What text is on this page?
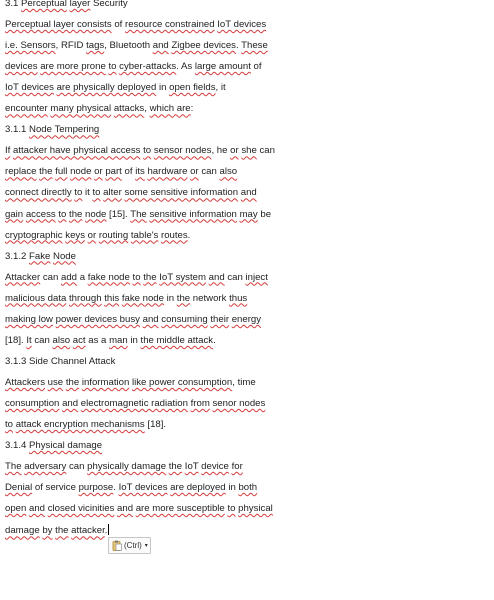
3.1 Perceptual layer Security
Perceptual layer consists of resource constrained IoT devices
i.e. Sensors, RFID tags, Bluetooth and Zigbee devices. These
devices are more prone to cyber-attacks. As large amount of
IoT devices are physically deployed in open fields, it
encounter many physical attacks, which are:
3.1.1 Node Tempering
If attacker have physical access to sensor nodes, he or she can
replace the full node or part of its hardware or can also
connect directly to it to alter some sensitive information and
gain access to the node [15]. The sensitive information may be
cryptographic keys or routing table's routes.
3.1.2 Fake Node
Attacker can add a fake node to the IoT system and can inject
malicious data through this fake node in the network thus
making low power devices busy and consuming their energy
[18]. It can also act as a man in the middle attack.
3.1.3 Side Channel Attack
Attackers use the information like power consumption, time
consumption and electromagnetic radiation from senor nodes
to attack encryption mechanisms [18].
3.1.4 Physical damage
The adversary can physically damage the IoT device for
Denial of service purpose. IoT devices are deployed in both
open and closed vicinities and are more susceptible to physical
damage by the attacker.
(Ctrl) ▾
